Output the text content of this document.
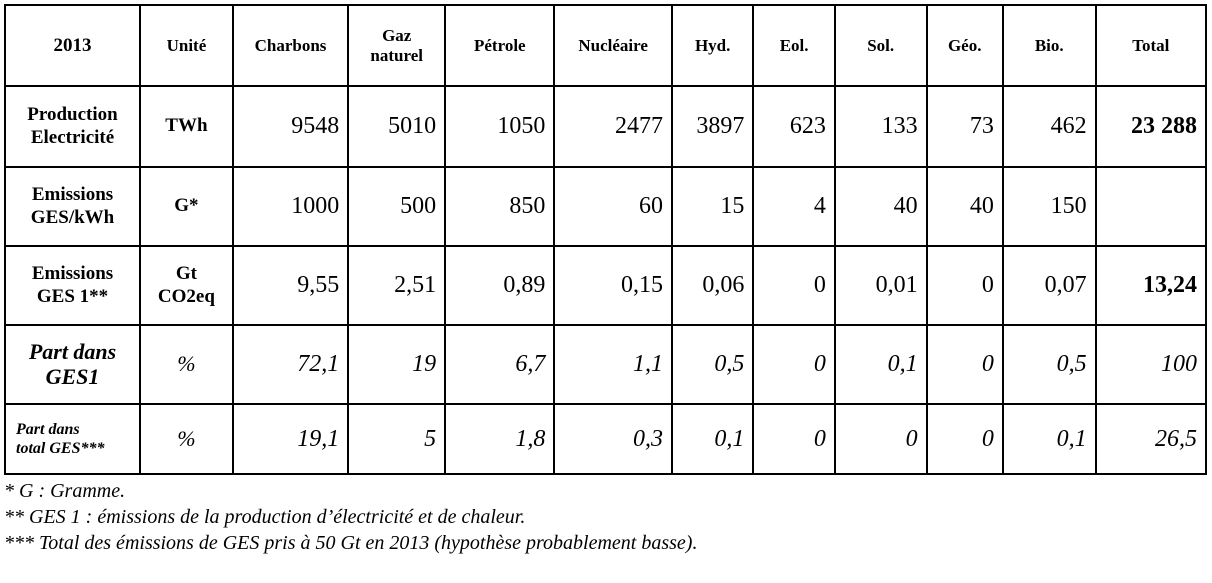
2013	Unité	Charbons	Gaz
naturel	Pétrole	Nucléaire	Hyd.	Eol.	Sol.	Géo.	Bio.	Total
Production
Electricité	TWh	9548	5010	1050	2477	3897	623	133	73	462	23 288
Emissions
GES/kWh	G*	1000	500	850	60	15	4	40	40	150	
Emissions
GES 1**	Gt
CO2eq	9,55	2,51	0,89	0,15	0,06	0	0,01	0	0,07	13,24
Part dans
GES1	%	72,1	19	6,7	1,1	0,5	0	0,1	0	0,5	100
Part dans
total GES***	%	19,1	5	1,8	0,3	0,1	0	0	0	0,1	26,5
* G : Gramme.
** GES 1 : émissions de la production d’électricité et de chaleur.
*** Total des émissions de GES pris à 50 Gt en 2013 (hypothèse probablement basse).
